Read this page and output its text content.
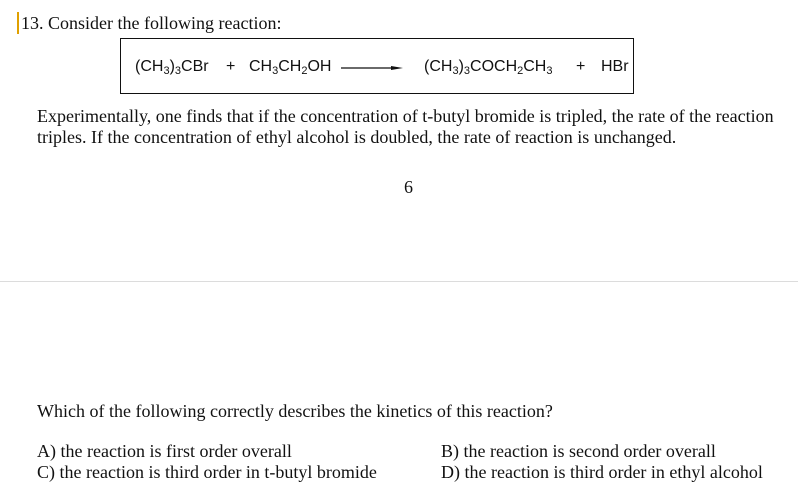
13. Consider the following reaction:
$(CH_3)_3CBr + CH_3CH_2OH$ → $(CH_3)_3COCH_2CH_3$ + HBr
Experimentally, one finds that if the concentration of t-butyl bromide is tripled, the rate of the reaction triples. If the concentration of ethyl alcohol is doubled, the rate of reaction is unchanged.
6
Which of the following correctly describes the kinetics of this reaction?
A) the reaction is first order overall	B) the reaction is second order overall
C) the reaction is third order in t-butyl bromide	D) the reaction is third order in ethyl alcohol
